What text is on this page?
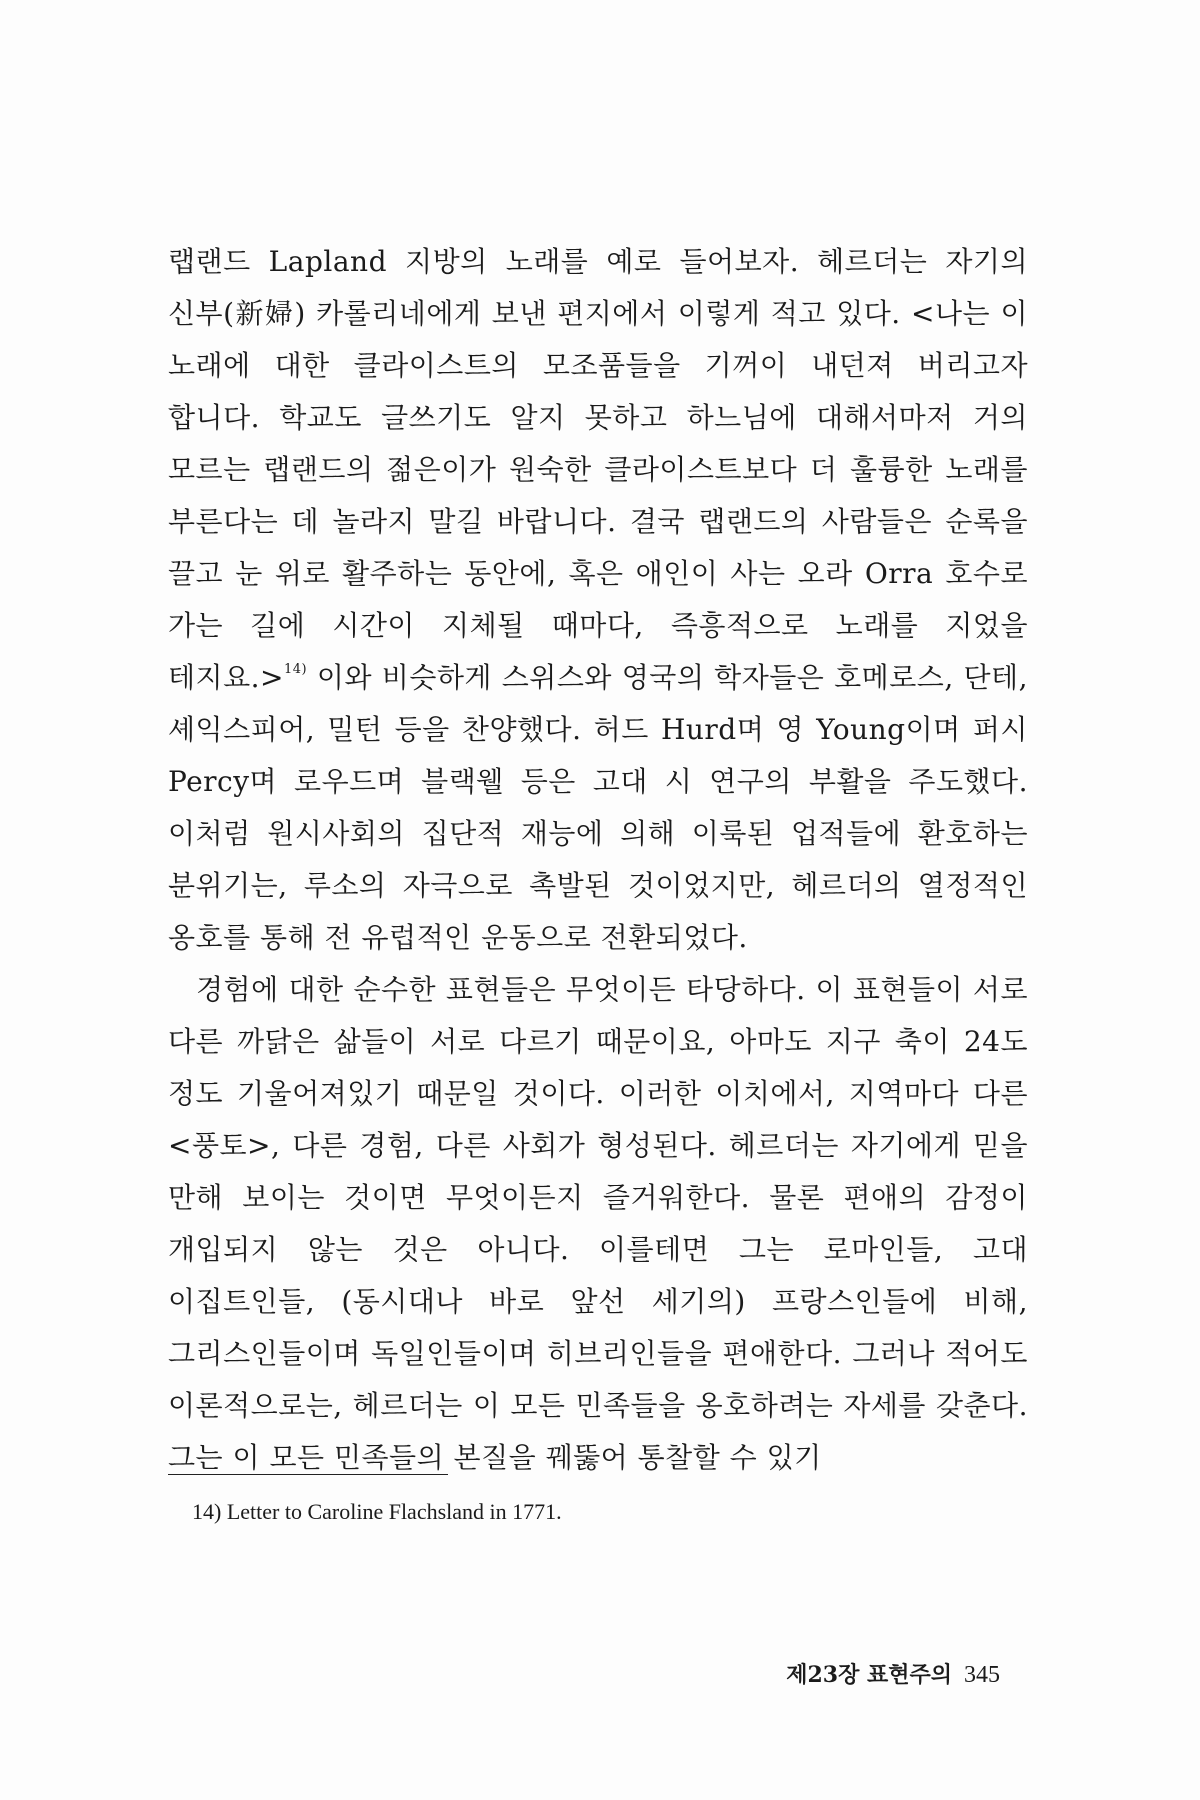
랩랜드 Lapland 지방의 노래를 예로 들어보자. 헤르더는 자기의 신부(新婦) 카롤리네에게 보낸 편지에서 이렇게 적고 있다. <나는 이 노래에 대한 클라이스트의 모조품들을 기꺼이 내던져 버리고자 합니다. 학교도 글쓰기도 알지 못하고 하느님에 대해서마저 거의 모르는 랩랜드의 젊은이가 원숙한 클라이스트보다 더 훌륭한 노래를 부른다는 데 놀라지 말길 바랍니다. 결국 랩랜드의 사람들은 순록을 끌고 눈 위로 활주하는 동안에, 혹은 애인이 사는 오라 Orra 호수로 가는 길에 시간이 지체될 때마다, 즉흥적으로 노래를 지었을 테지요.>$^{14)}$ 이와 비슷하게 스위스와 영국의 학자들은 호메로스, 단테, 셰익스피어, 밀턴 등을 찬양했다. 허드 Hurd며 영 Young이며 퍼시 Percy며 로우드며 블랙웰 등은 고대 시 연구의 부활을 주도했다. 이처럼 원시사회의 집단적 재능에 의해 이룩된 업적들에 환호하는 분위기는, 루소의 자극으로 촉발된 것이었지만, 헤르더의 열정적인 옹호를 통해 전 유럽적인 운동으로 전환되었다.

경험에 대한 순수한 표현들은 무엇이든 타당하다. 이 표현들이 서로 다른 까닭은 삶들이 서로 다르기 때문이요, 아마도 지구 축이 24도 정도 기울어져있기 때문일 것이다. 이러한 이치에서, 지역마다 다른 <풍토>, 다른 경험, 다른 사회가 형성된다. 헤르더는 자기에게 믿을 만해 보이는 것이면 무엇이든지 즐거워한다. 물론 편애의 감정이 개입되지 않는 것은 아니다. 이를테면 그는 로마인들, 고대 이집트인들, (동시대나 바로 앞선 세기의) 프랑스인들에 비해, 그리스인들이며 독일인들이며 히브리인들을 편애한다. 그러나 적어도 이론적으로는, 헤르더는 이 모든 민족들을 옹호하려는 자세를 갖춘다. 그는 이 모든 민족들의 본질을 꿰뚫어 통찰할 수 있기

14) Letter to Caroline Flachsland in 1771.

제23장 표현주의 345
